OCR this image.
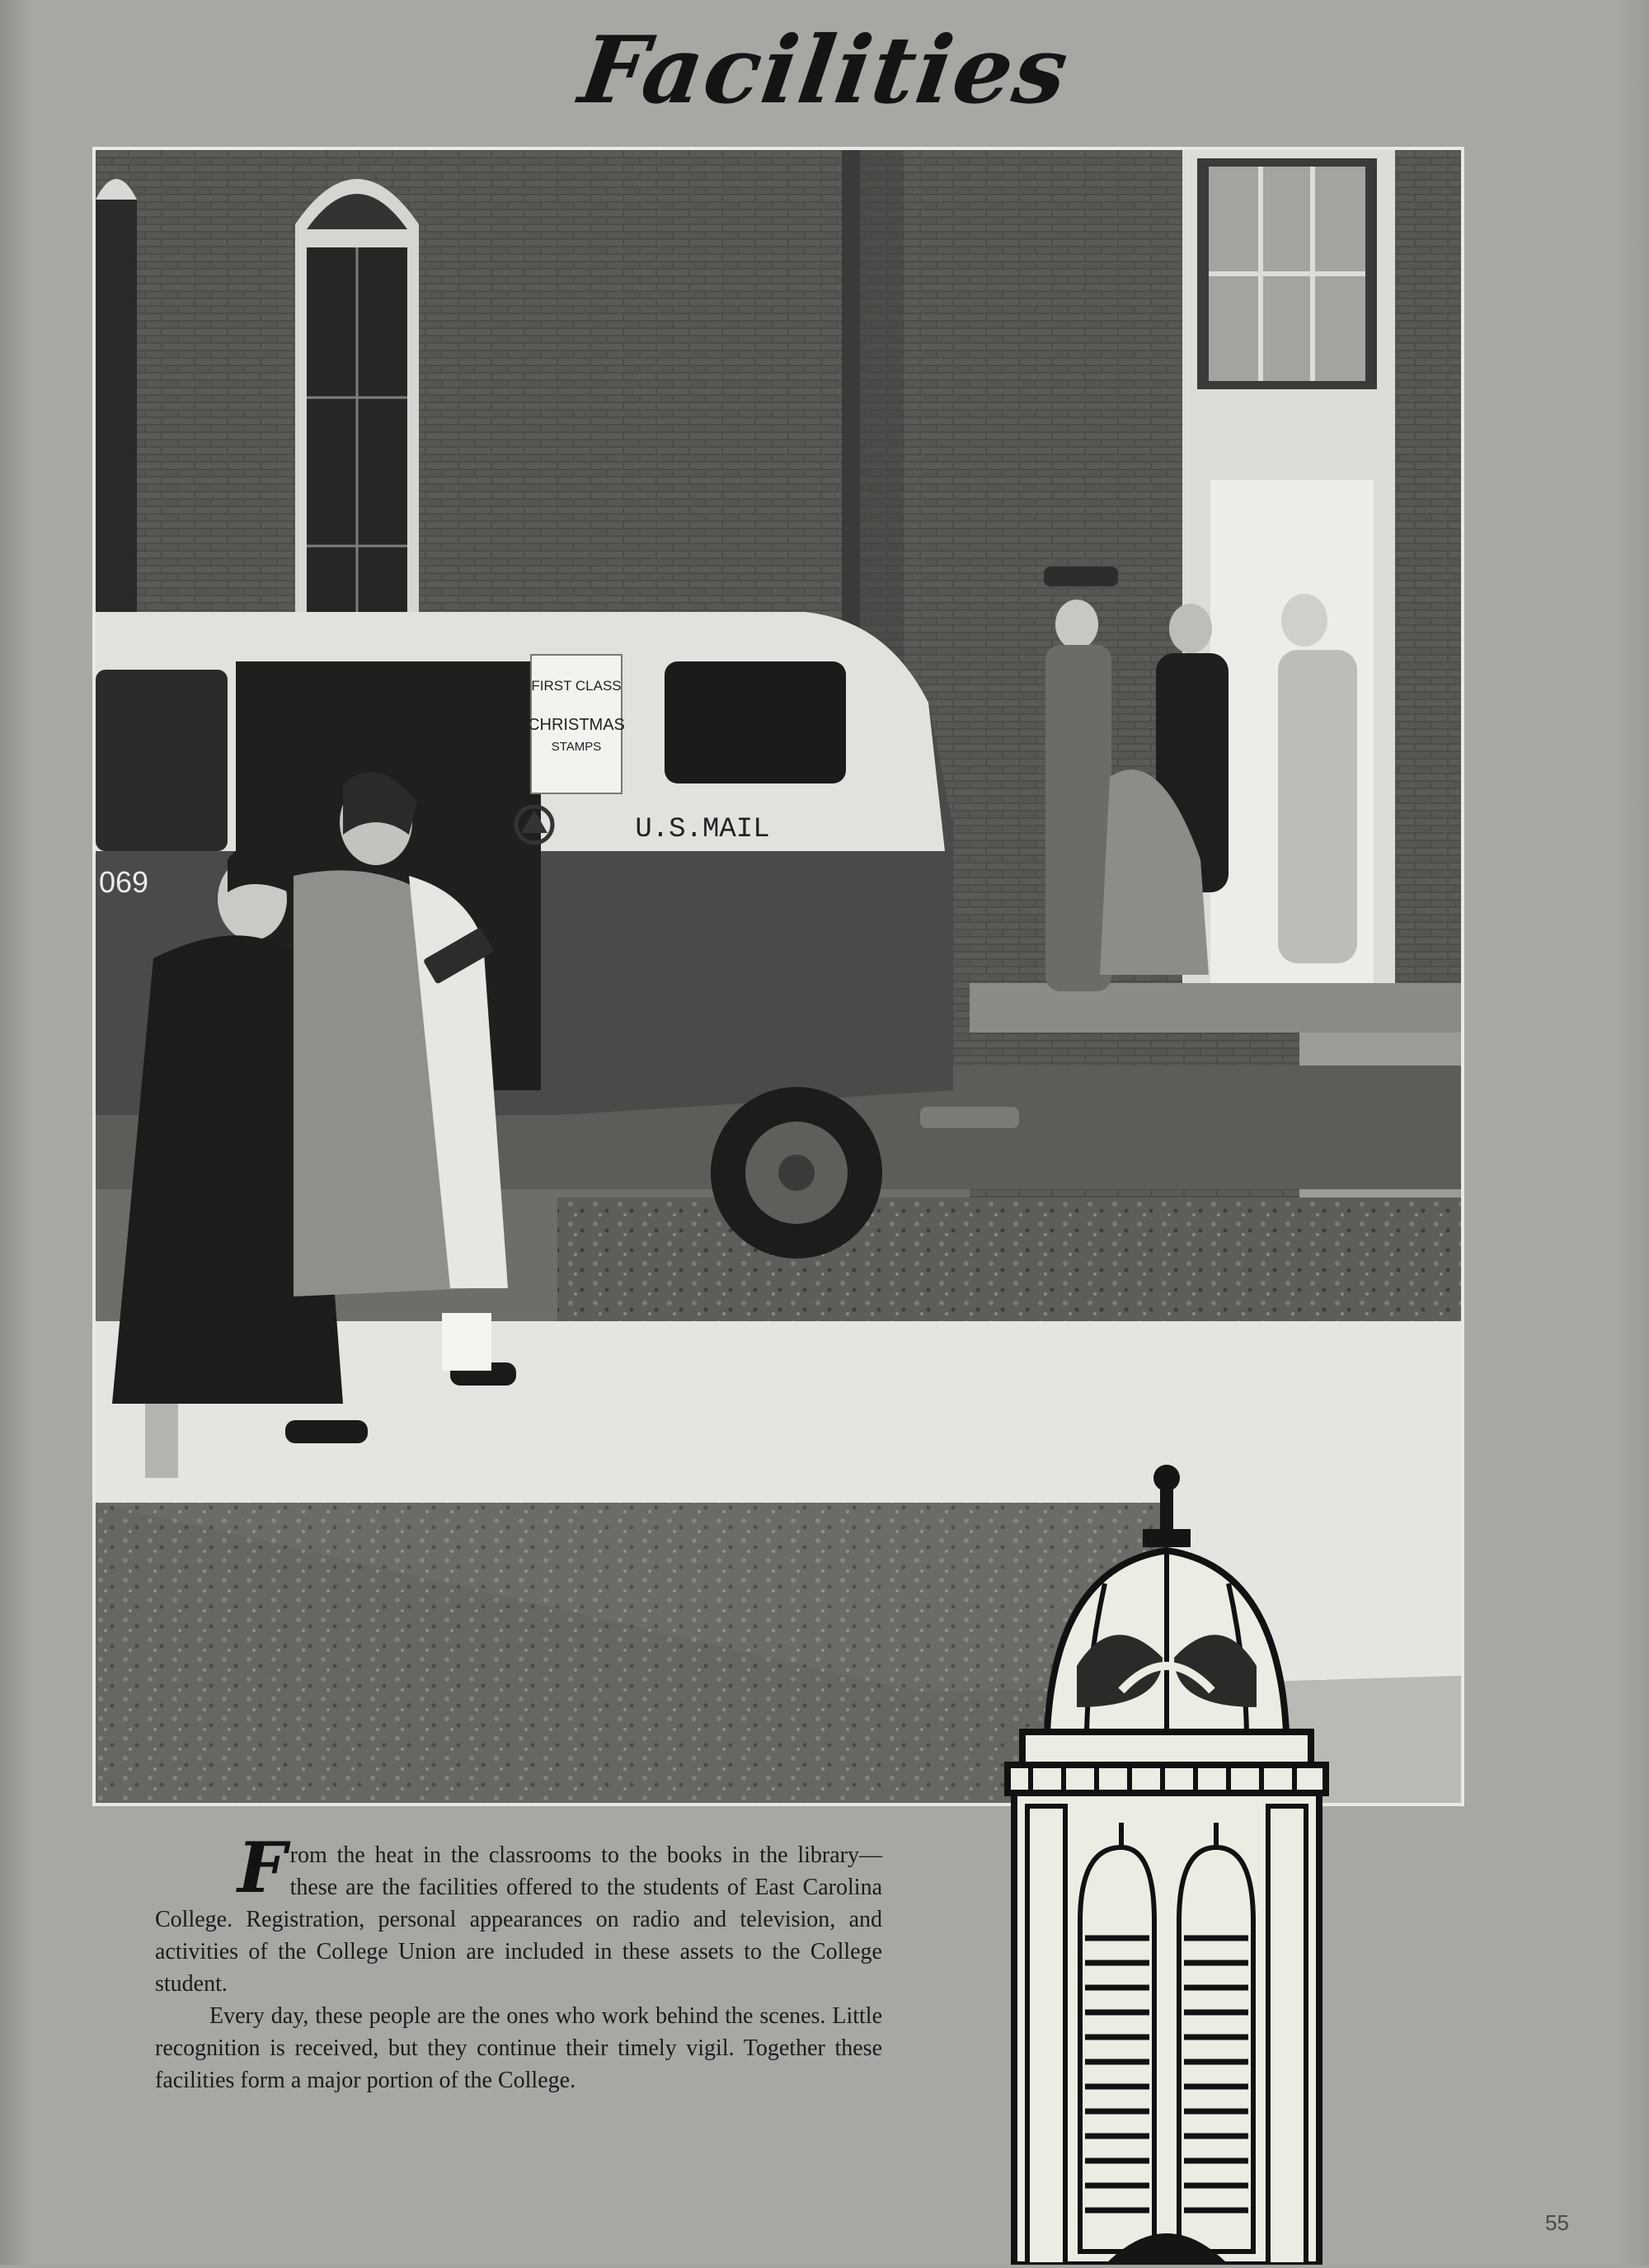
Facilities
FIRST CLASS
CHRISTMAS
STAMPS
U.S.MAIL
069

From the heat in the classrooms to the books in the library—these are the facilities offered to the students of East Carolina College. Registration, personal appearances on radio and television, and activities of the College Union are included in these assets to the College student.

Every day, these people are the ones who work behind the scenes. Little recognition is received, but they continue their timely vigil. Together these facilities form a major portion of the College.

55
